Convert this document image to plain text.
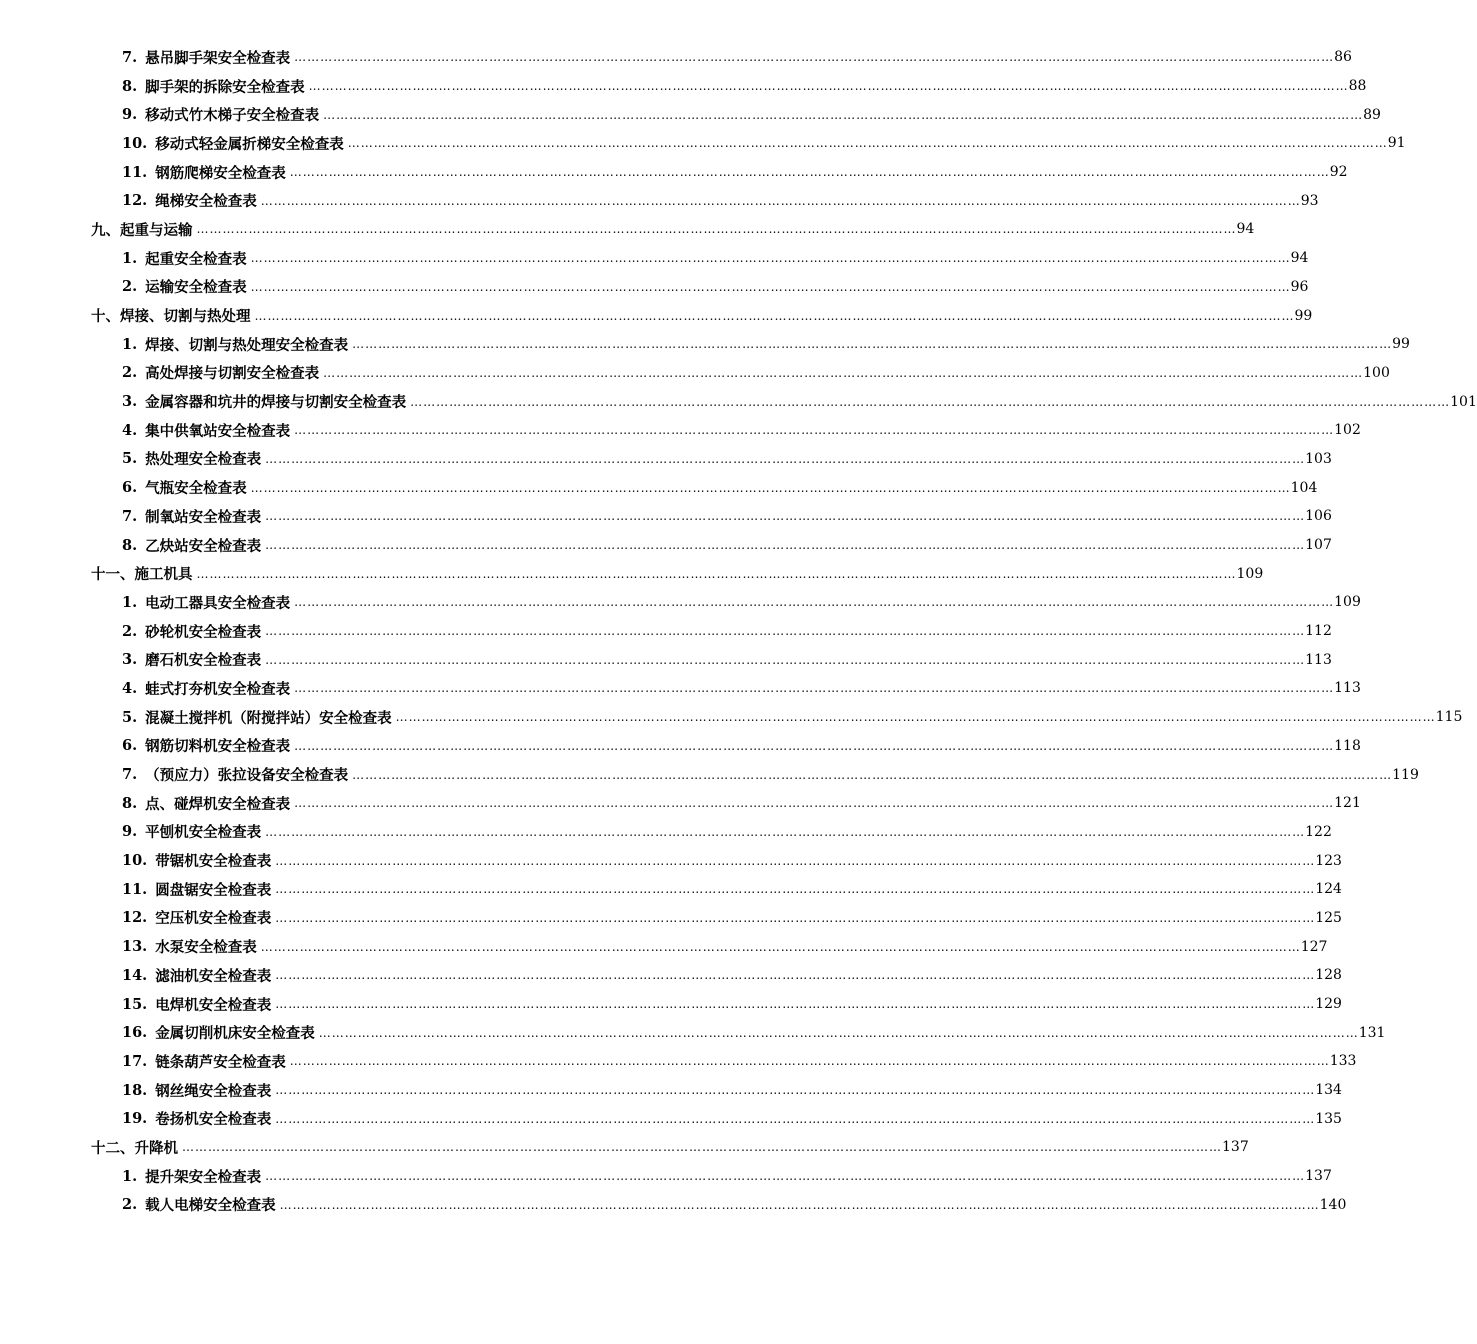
7. 悬吊脚手架安全检查表 …………………………………………………………………………………………………………………………………………………………………………………………………………………… 86
8. 脚手架的拆除安全检查表 …………………………………………………………………………………………………………………………………………………………………………………………………………………… 88
9. 移动式竹木梯子安全检查表 …………………………………………………………………………………………………………………………………………………………………………………………………………………… 89
10. 移动式轻金属折梯安全检查表 …………………………………………………………………………………………………………………………………………………………………………………………………………………… 91
11. 钢筋爬梯安全检查表 …………………………………………………………………………………………………………………………………………………………………………………………………………………… 92
12. 绳梯安全检查表 …………………………………………………………………………………………………………………………………………………………………………………………………………………… 93
九、起重与运输 …………………………………………………………………………………………………………………………………………………………………………………………………………………… 94
1. 起重安全检查表 …………………………………………………………………………………………………………………………………………………………………………………………………………………… 94
2. 运输安全检查表 …………………………………………………………………………………………………………………………………………………………………………………………………………………… 96
十、焊接、切割与热处理 …………………………………………………………………………………………………………………………………………………………………………………………………………………… 99
1. 焊接、切割与热处理安全检查表 …………………………………………………………………………………………………………………………………………………………………………………………………………………… 99
2. 高处焊接与切割安全检查表 …………………………………………………………………………………………………………………………………………………………………………………………………………………… 100
3. 金属容器和坑井的焊接与切割安全检查表 …………………………………………………………………………………………………………………………………………………………………………………………………………………… 101
4. 集中供氧站安全检查表 …………………………………………………………………………………………………………………………………………………………………………………………………………………… 102
5. 热处理安全检查表 …………………………………………………………………………………………………………………………………………………………………………………………………………………… 103
6. 气瓶安全检查表 …………………………………………………………………………………………………………………………………………………………………………………………………………………… 104
7. 制氧站安全检查表 …………………………………………………………………………………………………………………………………………………………………………………………………………………… 106
8. 乙炔站安全检查表 …………………………………………………………………………………………………………………………………………………………………………………………………………………… 107
十一、施工机具 …………………………………………………………………………………………………………………………………………………………………………………………………………………… 109
1. 电动工器具安全检查表 …………………………………………………………………………………………………………………………………………………………………………………………………………………… 109
2. 砂轮机安全检查表 …………………………………………………………………………………………………………………………………………………………………………………………………………………… 112
3. 磨石机安全检查表 …………………………………………………………………………………………………………………………………………………………………………………………………………………… 113
4. 蛙式打夯机安全检查表 …………………………………………………………………………………………………………………………………………………………………………………………………………………… 113
5. 混凝土搅拌机（附搅拌站）安全检查表 …………………………………………………………………………………………………………………………………………………………………………………………………………………… 115
6. 钢筋切料机安全检查表 …………………………………………………………………………………………………………………………………………………………………………………………………………………… 118
7. （预应力）张拉设备安全检查表 …………………………………………………………………………………………………………………………………………………………………………………………………………………… 119
8. 点、碰焊机安全检查表 …………………………………………………………………………………………………………………………………………………………………………………………………………………… 121
9. 平刨机安全检查表 …………………………………………………………………………………………………………………………………………………………………………………………………………………… 122
10. 带锯机安全检查表 …………………………………………………………………………………………………………………………………………………………………………………………………………………… 123
11. 圆盘锯安全检查表 …………………………………………………………………………………………………………………………………………………………………………………………………………………… 124
12. 空压机安全检查表 …………………………………………………………………………………………………………………………………………………………………………………………………………………… 125
13. 水泵安全检查表 …………………………………………………………………………………………………………………………………………………………………………………………………………………… 127
14. 滤油机安全检查表 …………………………………………………………………………………………………………………………………………………………………………………………………………………… 128
15. 电焊机安全检查表 …………………………………………………………………………………………………………………………………………………………………………………………………………………… 129
16. 金属切削机床安全检查表 …………………………………………………………………………………………………………………………………………………………………………………………………………………… 131
17. 链条葫芦安全检查表 …………………………………………………………………………………………………………………………………………………………………………………………………………………… 133
18. 钢丝绳安全检查表 …………………………………………………………………………………………………………………………………………………………………………………………………………………… 134
19. 卷扬机安全检查表 …………………………………………………………………………………………………………………………………………………………………………………………………………………… 135
十二、升降机 …………………………………………………………………………………………………………………………………………………………………………………………………………………… 137
1. 提升架安全检查表 …………………………………………………………………………………………………………………………………………………………………………………………………………………… 137
2. 载人电梯安全检查表 …………………………………………………………………………………………………………………………………………………………………………………………………………………… 140
